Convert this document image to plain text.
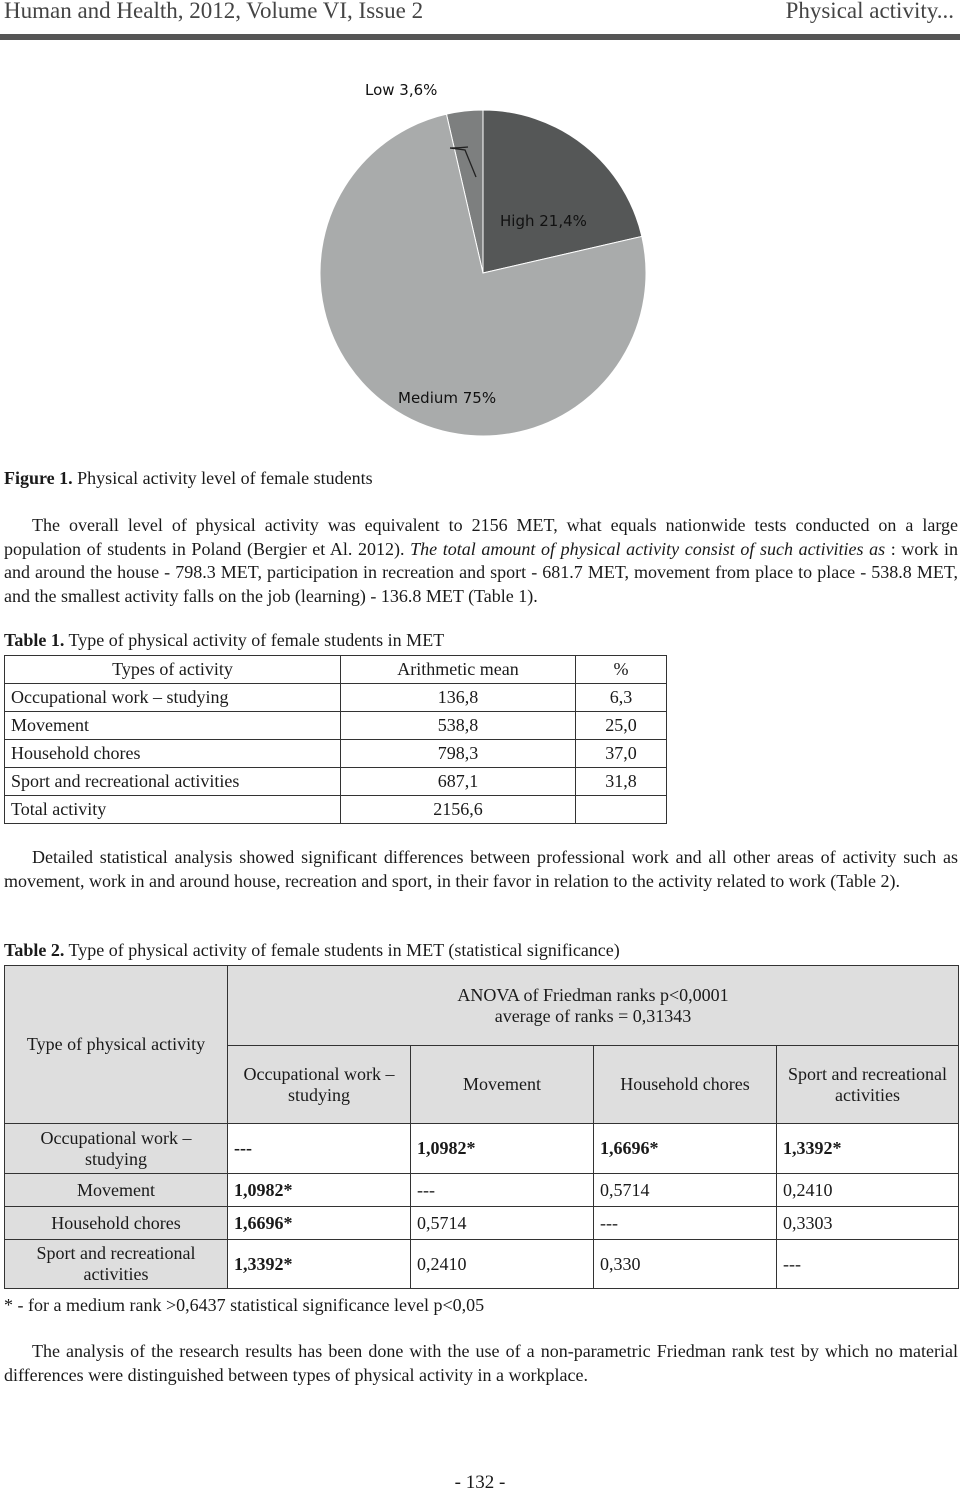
Human and Health, 2012, Volume VI, Issue 2	Physical activity...
Low 3,6%
High 21,4%
Medium 75%
Figure 1. Physical activity level of female students
The overall level of physical activity was equivalent to 2156 MET, what equals nationwide tests conducted on a large population of students in Poland (Bergier et Al. 2012). The total amount of physical activity consist of such activities as : work in and around the house - 798.3 MET, participation in recreation and sport - 681.7 MET, movement from place to place - 538.8 MET, and the smallest activity falls on the job (learning) - 136.8 MET (Table 1).
Table 1. Type of physical activity of female students in MET
Types of activity	Arithmetic mean	%
Occupational work – studying	136,8	6,3
Movement	538,8	25,0
Household chores	798,3	37,0
Sport and recreational activities	687,1	31,8
Total activity	2156,6	
Detailed statistical analysis showed significant differences between professional work and all other areas of activity such as movement, work in and around house, recreation and sport, in their favor in relation to the activity related to work (Table 2).
Table 2. Type of physical activity of female students in MET (statistical significance)
Type of physical activity	ANOVA of Friedman ranks p<0,0001
average of ranks = 0,31343			

	Occupational work – studying	Movement	Household chores	Sport and recreational activities
Occupational work – studying	---	1,0982*	1,6696*	1,3392*
Movement	1,0982*	---	0,5714	0,2410
Household chores	1,6696*	0,5714	---	0,3303
Sport and recreational activities	1,3392*	0,2410	0,330	---
* - for a medium rank >0,6437 statistical significance level p<0,05
The analysis of the research results has been done with the use of a non-parametric Friedman rank test by which no material differences were distinguished between types of physical activity in a workplace.
- 132 -
